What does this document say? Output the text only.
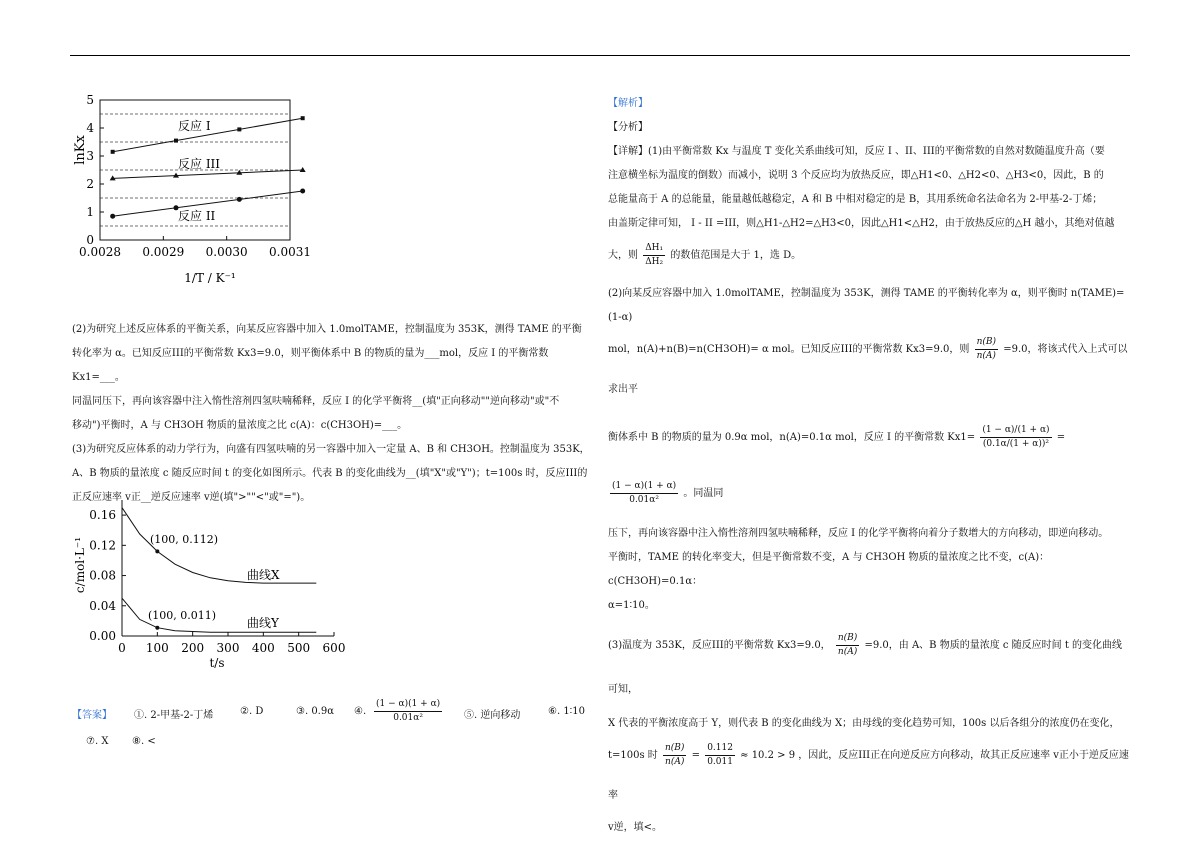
0
1
2
3
4
5
0.0028 0.0029 0.0030 0.0031
lnKx
1/T / K⁻¹
反应 I
反应 III
反应 II

(2)为研究上述反应体系的平衡关系，向某反应容器中加入 1.0molTAME，控制温度为 353K，测得 TAME 的平衡

转化率为 α。已知反应III的平衡常数 Kx3=9.0，则平衡体系中 B 的物质的量为___mol，反应 I 的平衡常数 Kx1=___。

同温同压下，再向该容器中注入惰性溶剂四氢呋喃稀释，反应 I 的化学平衡将__(填"正向移动""逆向移动"或"不

移动")平衡时，A 与 CH3OH 物质的量浓度之比 c(A)：c(CH3OH)=___。

(3)为研究反应体系的动力学行为，向盛有四氢呋喃的另一容器中加入一定量 A、B 和 CH3OH。控制温度为 353K，

A、B 物质的量浓度 c 随反应时间 t 的变化如图所示。代表 B 的变化曲线为__(填"X"或"Y")；t=100s 时，反应III的

正反应速率 v正__逆反应速率 v逆(填">""<"或"=")。

0.00
0.04
0.08
0.12
0.16
0 100 200 300 400 500 600
c/mol·L⁻¹
t/s
(100, 0.112)
(100, 0.011)
曲线X
曲线Y
【答案】 ①. 2-甲基-2-丁烯	②. D	③. 0.9α ④. $\frac{(1 - \alpha)(1 + \alpha)}{\text{0.01α²}}$ ⑤. 逆向移动	⑥. 1∶10
⑦. X ⑧. <

【解析】

【分析】

【详解】(1)由平衡常数 Kx 与温度 T 变化关系曲线可知，反应 I 、II、III的平衡常数的自然对数随温度升高（要

注意横坐标为温度的倒数）而减小，说明 3 个反应均为放热反应，即△H1<0、△H2<0、△H3<0，因此，B 的

总能量高于 A 的总能量，能量越低越稳定，A 和 B 中相对稳定的是 B，其用系统命名法命名为 2-甲基-2-丁烯；

由盖斯定律可知， I - II =III，则△H1-△H2=△H3<0，因此△H1<△H2，由于放热反应的△H 越小，其绝对值越

大，则 $\frac{\text{ΔH₁}}{\text{ΔH₂}}$ 的数值范围是大于 1，选 D。

(2)向某反应容器中加入 1.0molTAME，控制温度为 353K，测得 TAME 的平衡转化率为 α，则平衡时 n(TAME)=(1-α)

mol，n(A)+n(B)=n(CH3OH)= α mol。已知反应III的平衡常数 Kx3=9.0，则 $\frac{n(B)}{n(A)} =9.0$，将该式代入上式可以求出平

衡体系中 B 的物质的量为 0.9α mol，n(A)=0.1α mol，反应 I 的平衡常数 $Kx1= \frac{(1 - \alpha)/(1 + \alpha)}{\text{(0.1α/(1 + α))²}}$ =
$\frac{(1 - \alpha)(1 + \alpha)}{\text{0.01α²}}$ 。同温同

压下，再向该容器中注入惰性溶剂四氢呋喃稀释，反应 I 的化学平衡将向着分子数增大的方向移动，即逆向移动。

平衡时，TAME 的转化率变大，但是平衡常数不变，A 与 CH3OH 物质的量浓度之比不变，c(A)：c(CH3OH)=0.1α：

α=1∶10。

(3)温度为 353K，反应III的平衡常数 Kx3=9.0， $\frac{n(B)}{n(A)} =9.0$，由 A、B 物质的量浓度 c 随反应时间 t 的变化曲线可知，

X 代表的平衡浓度高于 Y，则代表 B 的变化曲线为 X；由母线的变化趋势可知，100s 以后各组分的浓度仍在变化，

t=100s 时 $\frac{n(B)}{n(A)} = \frac{0.112}{0.011} \approx 10.2 > 9$ ，因此，反应III正在向逆反应方向移动，故其正反应速率 v正小于逆反应速率

v逆，填<。
